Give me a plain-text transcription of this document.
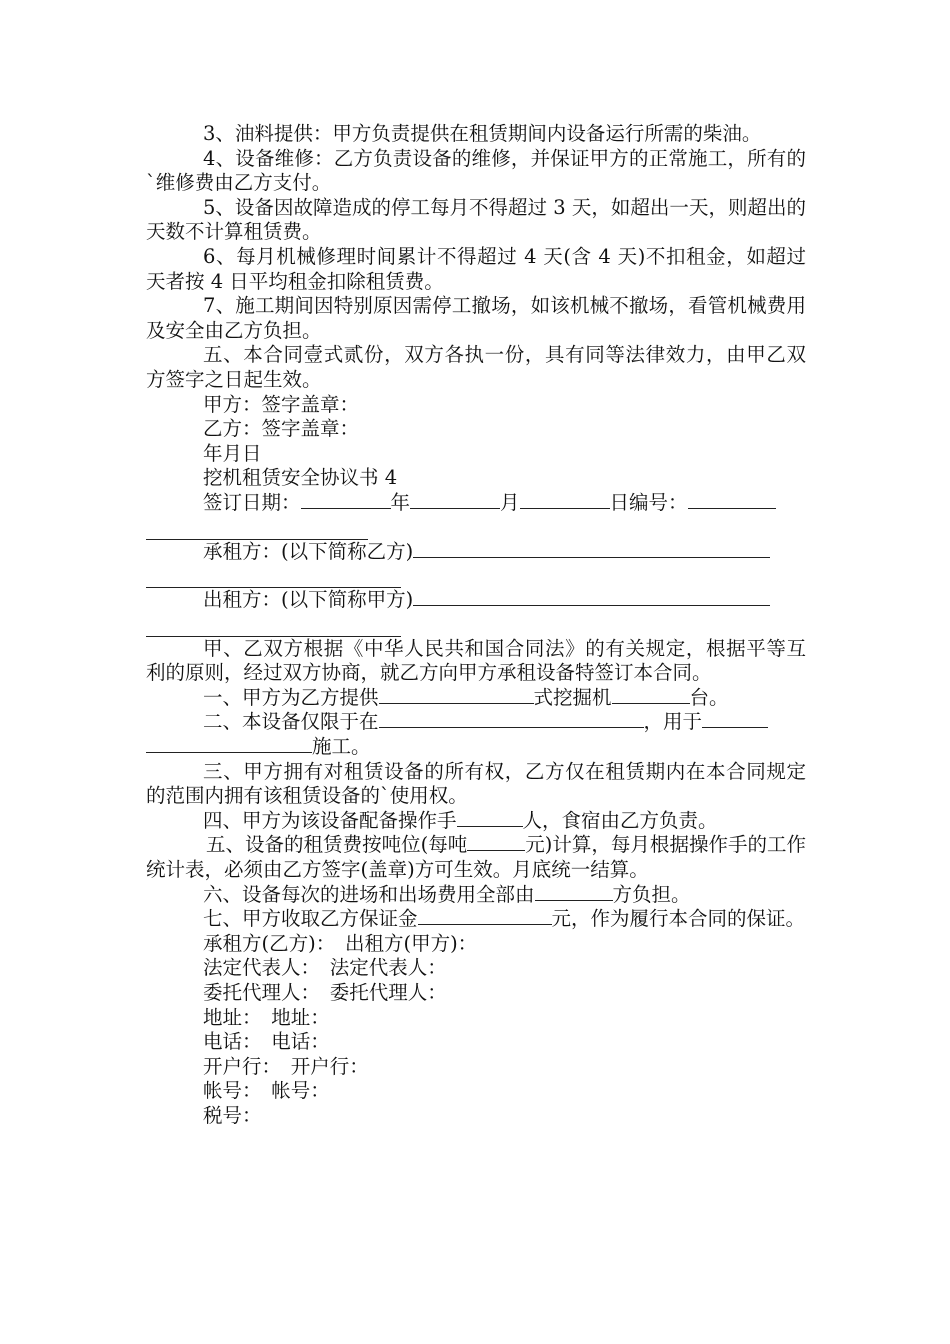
3、油料提供：甲方负责提供在租赁期间内设备运行所需的柴油。

4、设备维修：乙方负责设备的维修，并保证甲方的正常施工，所有的`维修费由乙方支付。

5、设备因故障造成的停工每月不得超过 3 天，如超出一天，则超出的天数不计算租赁费。

6、每月机械修理时间累计不得超过 4 天(含 4 天)不扣租金，如超过天者按 4 日平均租金扣除租赁费。

7、施工期间因特别原因需停工撤场，如该机械不撤场，看管机械费用及安全由乙方负担。

五、本合同壹式贰份，双方各执一份，具有同等法律效力，由甲乙双方签字之日起生效。

甲方：签字盖章：

乙方：签字盖章：

年月日

挖机租赁安全协议书 4

签订日期：	年	月	日编号：

承租方：(以下简称乙方)

出租方：(以下简称甲方)

甲、乙双方根据《中华人民共和国合同法》的有关规定，根据平等互利的原则，经过双方协商，就乙方向甲方承租设备特签订本合同。

一、甲方为乙方提供	式挖掘机	台。

二、本设备仅限于在	，用于

施工。

三、甲方拥有对租赁设备的所有权，乙方仅在租赁期内在本合同规定的范围内拥有该租赁设备的`使用权。

四、甲方为该设备配备操作手	人，食宿由乙方负责。

五、设备的租赁费按吨位(每吨	元)计算，每月根据操作手的工作统计表，必须由乙方签字(盖章)方可生效。月底统一结算。

六、设备每次的进场和出场费用全部由	方负担。

七、甲方收取乙方保证金	元，作为履行本合同的保证。

承租方(乙方)：　出租方(甲方)：

法定代表人：　法定代表人：

委托代理人：　委托代理人：

地址：　地址：

电话：　电话：

开户行：　开户行：

帐号：　帐号：

税号：
